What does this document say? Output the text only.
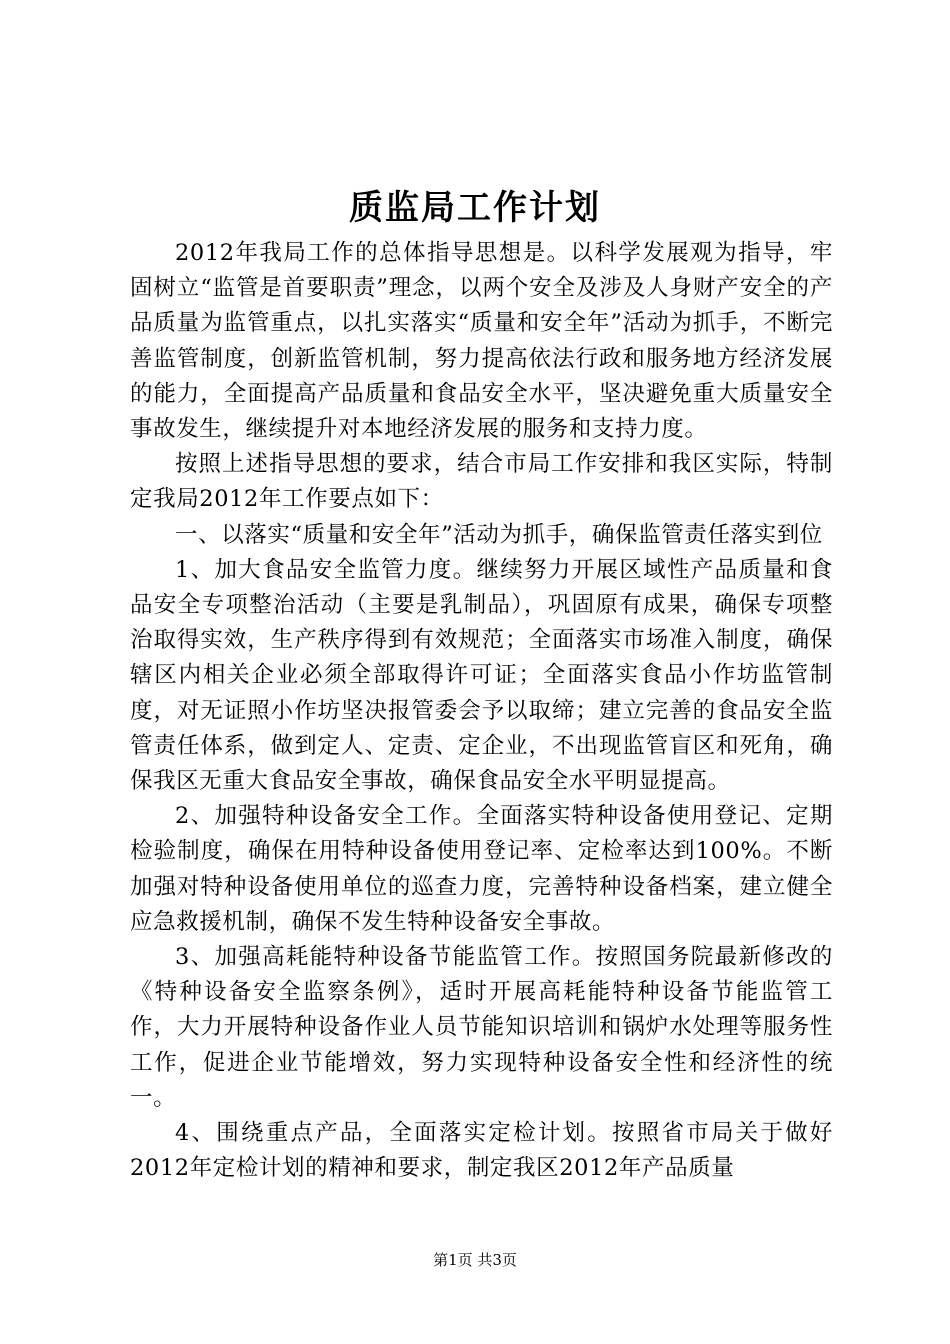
质监局工作计划

2012年我局工作的总体指导思想是。以科学发展观为指导，牢固树立“监管是首要职责”理念，以两个安全及涉及人身财产安全的产品质量为监管重点，以扎实落实“质量和安全年”活动为抓手，不断完善监管制度，创新监管机制，努力提高依法行政和服务地方经济发展的能力，全面提高产品质量和食品安全水平，坚决避免重大质量安全事故发生，继续提升对本地经济发展的服务和支持力度。

按照上述指导思想的要求，结合市局工作安排和我区实际，特制定我局2012年工作要点如下：

一、以落实“质量和安全年”活动为抓手，确保监管责任落实到位

1、加大食品安全监管力度。继续努力开展区域性产品质量和食品安全专项整治活动（主要是乳制品），巩固原有成果，确保专项整治取得实效，生产秩序得到有效规范；全面落实市场准入制度，确保辖区内相关企业必须全部取得许可证；全面落实食品小作坊监管制度，对无证照小作坊坚决报管委会予以取缔；建立完善的食品安全监管责任体系，做到定人、定责、定企业，不出现监管盲区和死角，确保我区无重大食品安全事故，确保食品安全水平明显提高。

2、加强特种设备安全工作。全面落实特种设备使用登记、定期检验制度，确保在用特种设备使用登记率、定检率达到100%。不断加强对特种设备使用单位的巡查力度，完善特种设备档案，建立健全应急救援机制，确保不发生特种设备安全事故。

3、加强高耗能特种设备节能监管工作。按照国务院最新修改的《特种设备安全监察条例》，适时开展高耗能特种设备节能监管工作，大力开展特种设备作业人员节能知识培训和锅炉水处理等服务性工作，促进企业节能增效，努力实现特种设备安全性和经济性的统一。

4、围绕重点产品，全面落实定检计划。按照省市局关于做好2012年定检计划的精神和要求，制定我区2012年产品质量

第1页 共3页
